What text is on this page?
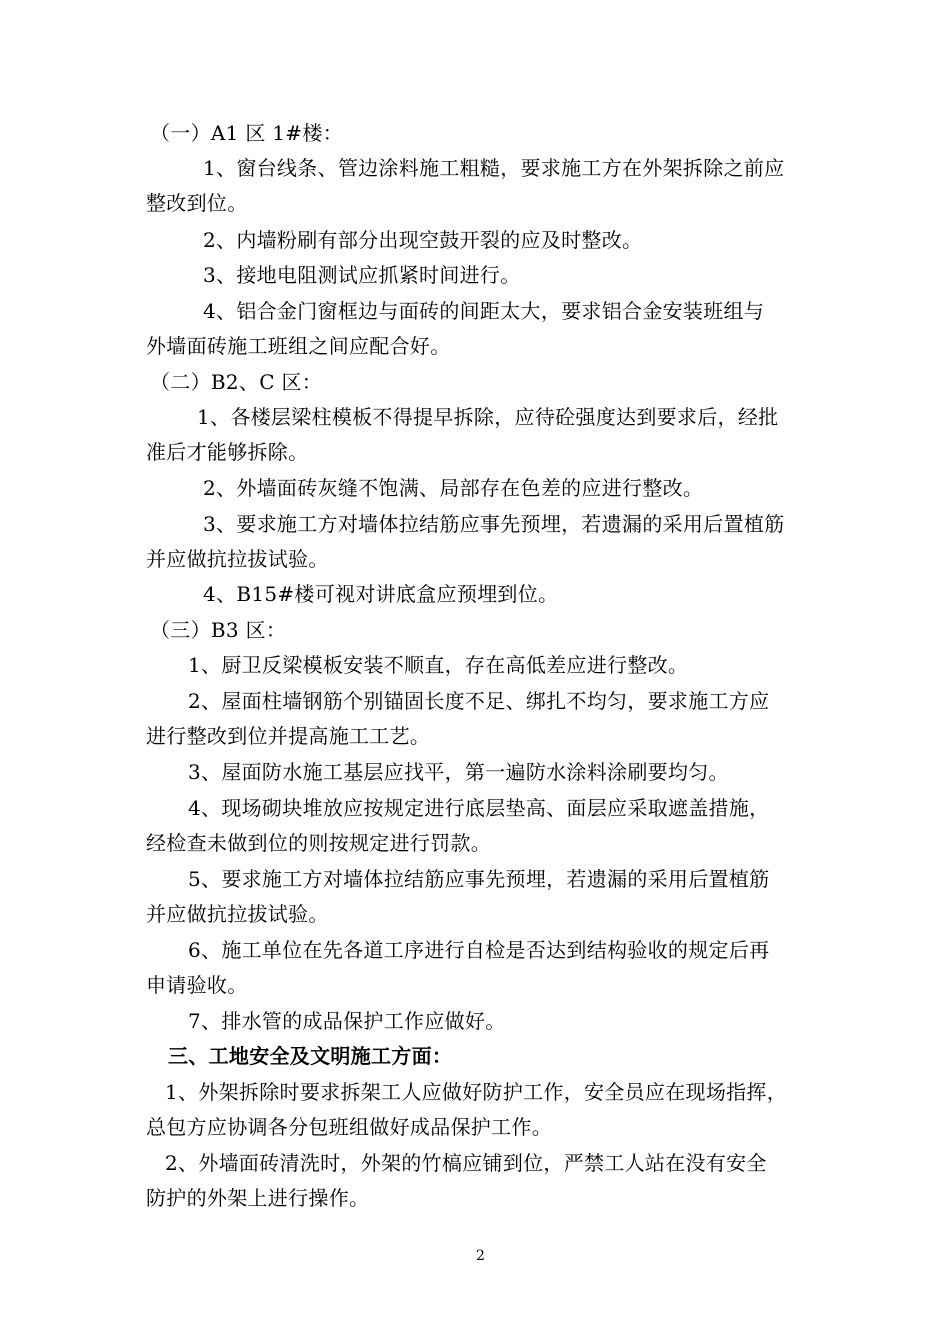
（一）A1 区 1#楼：
1、窗台线条、管边涂料施工粗糙，要求施工方在外架拆除之前应
整改到位。
2、内墙粉刷有部分出现空鼓开裂的应及时整改。
3、接地电阻测试应抓紧时间进行。
4、铝合金门窗框边与面砖的间距太大，要求铝合金安装班组与
外墙面砖施工班组之间应配合好。
（二）B2、C 区：
1、各楼层梁柱模板不得提早拆除，应待砼强度达到要求后，经批
准后才能够拆除。
2、外墙面砖灰缝不饱满、局部存在色差的应进行整改。
3、要求施工方对墙体拉结筋应事先预埋，若遗漏的采用后置植筋
并应做抗拉拔试验。
4、B15#楼可视对讲底盒应预埋到位。
（三）B3 区：
1、厨卫反梁模板安装不顺直，存在高低差应进行整改。
2、屋面柱墙钢筋个别锚固长度不足、绑扎不均匀，要求施工方应
进行整改到位并提高施工工艺。
3、屋面防水施工基层应找平，第一遍防水涂料涂刷要均匀。
4、现场砌块堆放应按规定进行底层垫高、面层应采取遮盖措施，
经检查未做到位的则按规定进行罚款。
5、要求施工方对墙体拉结筋应事先预埋，若遗漏的采用后置植筋
并应做抗拉拔试验。
6、施工单位在先各道工序进行自检是否达到结构验收的规定后再
申请验收。
7、排水管的成品保护工作应做好。
三、工地安全及文明施工方面：
1、外架拆除时要求拆架工人应做好防护工作，安全员应在现场指挥，
总包方应协调各分包班组做好成品保护工作。
2、外墙面砖清洗时，外架的竹槁应铺到位，严禁工人站在没有安全
防护的外架上进行操作。
2
